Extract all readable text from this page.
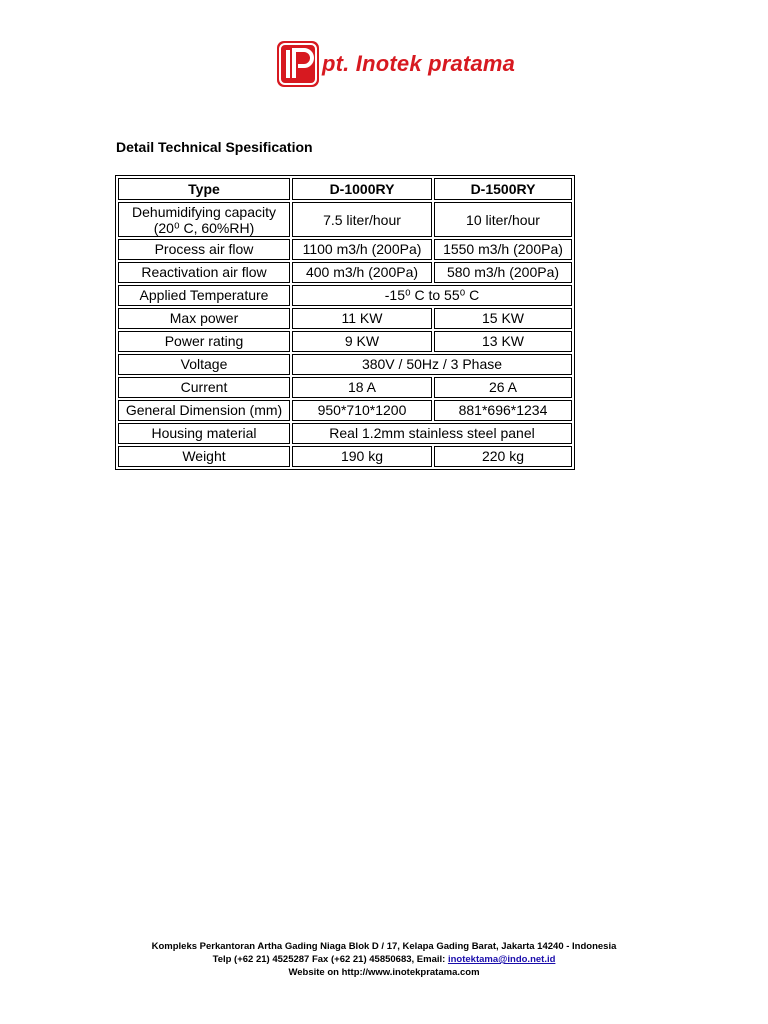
pt. Inotek pratama
Detail Technical Spesification
Type	D-1000RY	D-1500RY
Dehumidifying capacity (20⁰ C, 60%RH)	7.5 liter/hour	10 liter/hour
Process air flow	1100 m3/h (200Pa)	1550 m3/h (200Pa)
Reactivation air flow	400 m3/h (200Pa)	580 m3/h (200Pa)
Applied Temperature	-15⁰ C to 55⁰ C	
Max power	11 KW	15 KW
Power rating	9 KW	13 KW
Voltage	380V / 50Hz / 3 Phase	
Current	18 A	26 A
General Dimension (mm)	950*710*1200	881*696*1234
Housing material	Real 1.2mm stainless steel panel	
Weight	190 kg	220 kg
Kompleks Perkantoran Artha Gading Niaga Blok D / 17, Kelapa Gading Barat, Jakarta 14240 - Indonesia
Telp (+62 21) 4525287 Fax (+62 21) 45850683, Email: inotektama@indo.net.id
Website on http://www.inotekpratama.com
